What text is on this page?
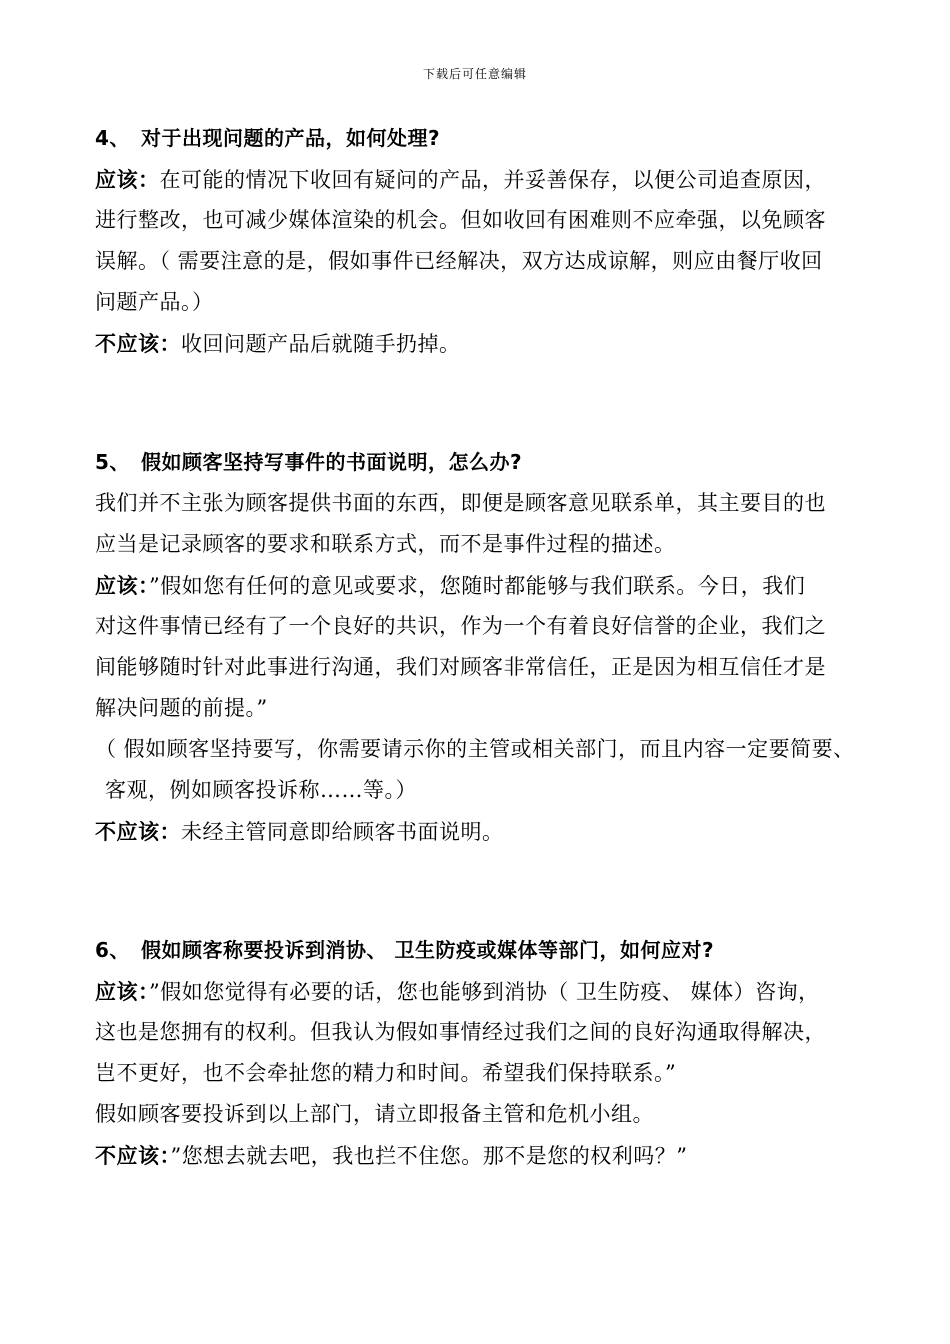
下载后可任意编辑
4、 对于出现问题的产品，如何处理?
应该：在可能的情况下收回有疑问的产品，并妥善保存，以便公司追查原因，
进行整改，也可减少媒体渲染的机会。但如收回有困难则不应牵强，以免顾客
误解。（ 需要注意的是，假如事件已经解决，双方达成谅解，则应由餐厅收回
问题产品。）
不应该：收回问题产品后就随手扔掉。
5、 假如顾客坚持写事件的书面说明，怎么办?
我们并不主张为顾客提供书面的东西，即便是顾客意见联系单，其主要目的也
应当是记录顾客的要求和联系方式，而不是事件过程的描述。
应该：”假如您有任何的意见或要求，您随时都能够与我们联系。今日，我们
对这件事情已经有了一个良好的共识，作为一个有着良好信誉的企业，我们之
间能够随时针对此事进行沟通，我们对顾客非常信任，正是因为相互信任才是
解决问题的前提。”
（ 假如顾客坚持要写，你需要请示你的主管或相关部门，而且内容一定要简要、
客观，例如顾客投诉称……等。）
不应该：未经主管同意即给顾客书面说明。
6、 假如顾客称要投诉到消协、 卫生防疫或媒体等部门，如何应对?
应该：”假如您觉得有必要的话，您也能够到消协（ 卫生防疫、 媒体）咨询，
这也是您拥有的权利。但我认为假如事情经过我们之间的良好沟通取得解决，
岂不更好，也不会牵扯您的精力和时间。希望我们保持联系。”
假如顾客要投诉到以上部门，请立即报备主管和危机小组。
不应该：”您想去就去吧，我也拦不住您。那不是您的权利吗？”
